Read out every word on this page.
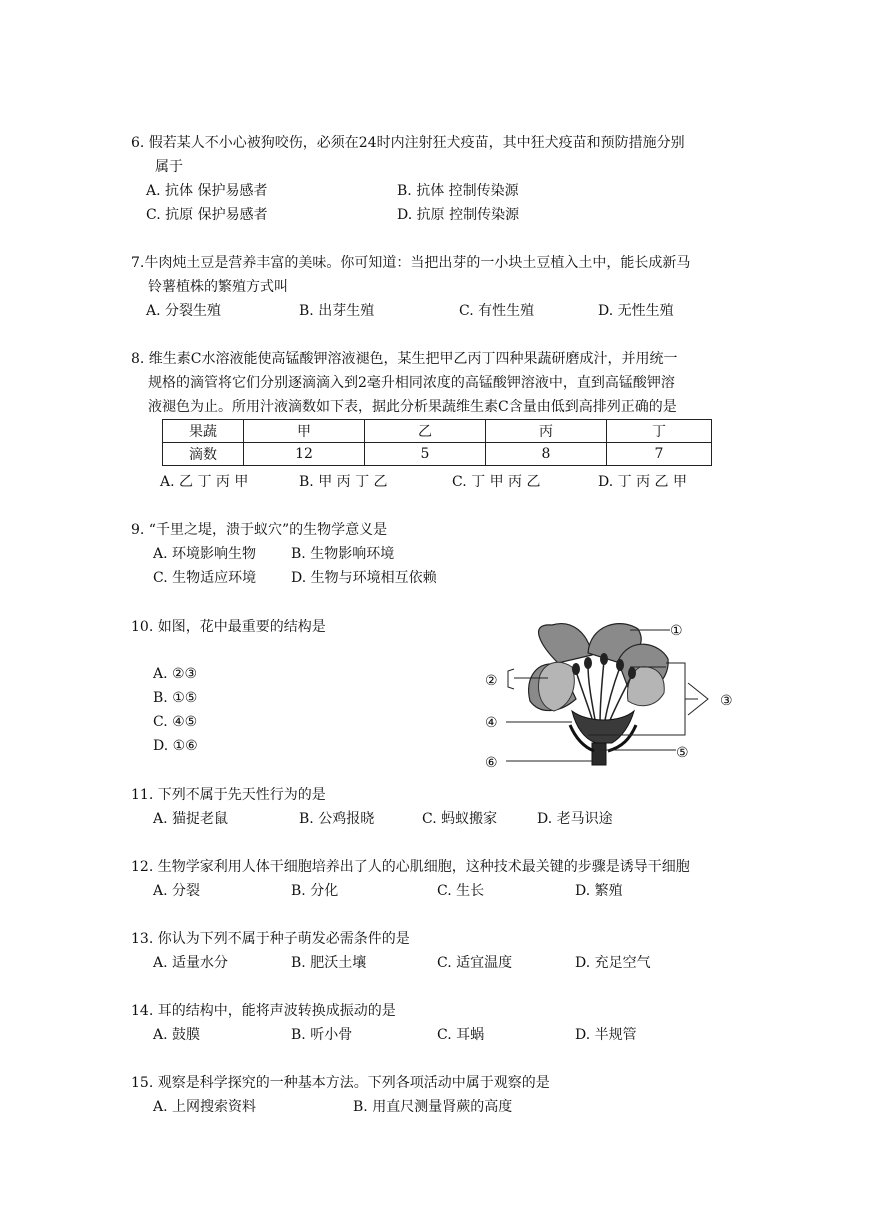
6. 假若某人不小心被狗咬伤，必须在24时内注射狂犬疫苗，其中狂犬疫苗和预防措施分别
属于
A. 抗体 保护易感者	B. 抗体 控制传染源
C. 抗原 保护易感者	D. 抗原 控制传染源
7.牛肉炖土豆是营养丰富的美味。你可知道：当把出芽的一小块土豆植入土中，能长成新马
铃薯植株的繁殖方式叫
A. 分裂生殖	B. 出芽生殖	C. 有性生殖	D. 无性生殖
8. 维生素C水溶液能使高锰酸钾溶液褪色，某生把甲乙丙丁四种果蔬研磨成汁，并用统一
规格的滴管将它们分别逐滴滴入到2毫升相同浓度的高锰酸钾溶液中，直到高锰酸钾溶
液褪色为止。所用汁液滴数如下表，据此分析果蔬维生素C含量由低到高排列正确的是
果蔬	甲	乙	丙	丁
滴数	12	5	8	7
A. 乙 丁 丙 甲	B. 甲 丙 丁 乙	C. 丁 甲 丙 乙	D. 丁 丙 乙 甲
9. “千里之堤，溃于蚁穴”的生物学意义是
A. 环境影响生物 B. 生物影响环境
C. 生物适应环境 D. 生物与环境相互依赖
10. 如图，花中最重要的结构是
A. ②③
B. ①⑤
C. ④⑤
D. ①⑥
①
②
③
④
⑤
⑥
11. 下列不属于先天性行为的是
A. 猫捉老鼠	B. 公鸡报晓	C. 蚂蚁搬家	D. 老马识途
12. 生物学家利用人体干细胞培养出了人的心肌细胞，这种技术最关键的步骤是诱导干细胞
A. 分裂	B. 分化	C. 生长	D. 繁殖
13. 你认为下列不属于种子萌发必需条件的是
A. 适量水分	B. 肥沃土壤	C. 适宜温度	D. 充足空气
14. 耳的结构中，能将声波转换成振动的是
A. 鼓膜	B. 听小骨	C. 耳蜗	D. 半规管
15. 观察是科学探究的一种基本方法。下列各项活动中属于观察的是
A. 上网搜索资料	B. 用直尺测量肾蕨的高度
